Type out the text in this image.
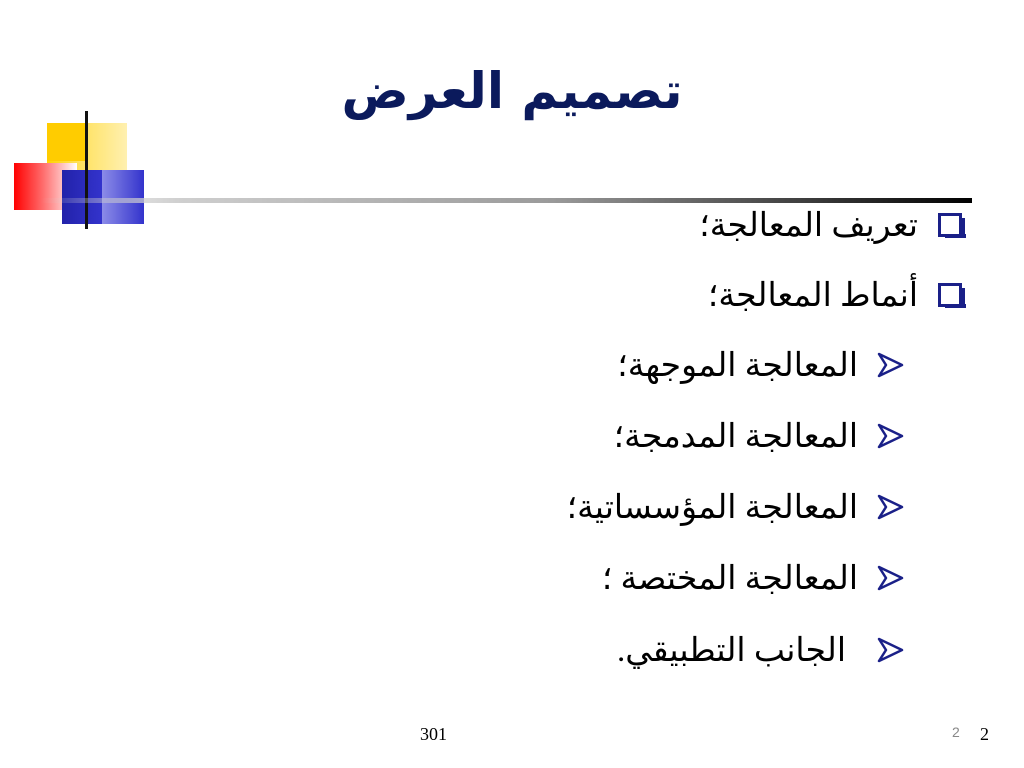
تصميم العرض
تعريف المعالجة؛
أنماط المعالجة؛
المعالجة الموجهة؛
المعالجة المدمجة؛
المعالجة المؤسساتية؛
المعالجة المختصة ؛
الجانب التطبيقي.
301	2 2
